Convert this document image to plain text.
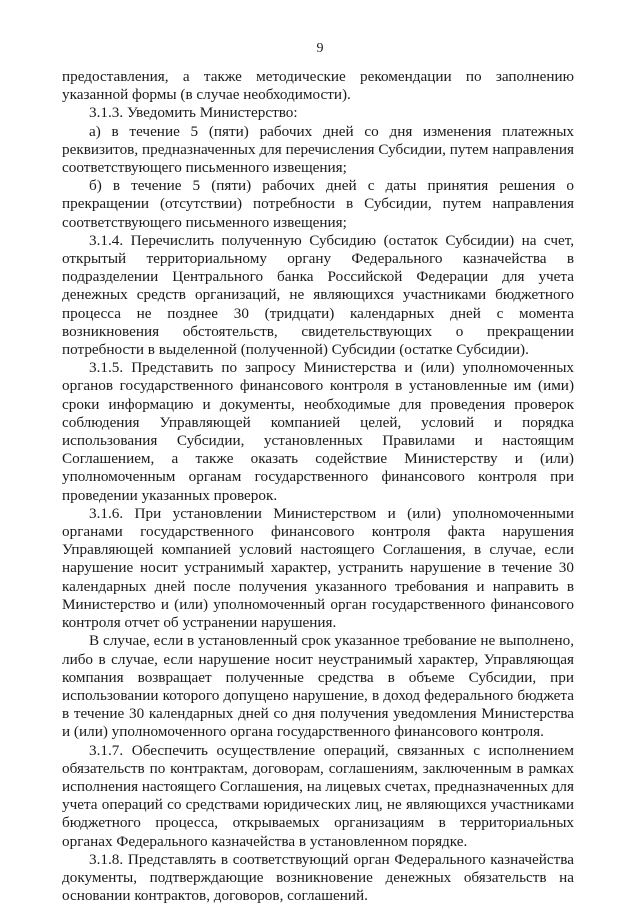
9

предоставления, а также методические рекомендации по заполнению указанной формы (в случае необходимости).

3.1.3. Уведомить Министерство:

а) в течение 5 (пяти) рабочих дней со дня изменения платежных реквизитов, предназначенных для перечисления Субсидии, путем направления соответствующего письменного извещения;

б) в течение 5 (пяти) рабочих дней с даты принятия решения о прекращении (отсутствии) потребности в Субсидии, путем направления соответствующего письменного извещения;

3.1.4. Перечислить полученную Субсидию (остаток Субсидии) на счет, открытый территориальному органу Федерального казначейства в подразделении Центрального банка Российской Федерации для учета денежных средств организаций, не являющихся участниками бюджетного процесса не позднее 30 (тридцати) календарных дней с момента возникновения обстоятельств, свидетельствующих о прекращении потребности в выделенной (полученной) Субсидии (остатке Субсидии).

3.1.5. Представить по запросу Министерства и (или) уполномоченных органов государственного финансового контроля в установленные им (ими) сроки информацию и документы, необходимые для проведения проверок соблюдения Управляющей компанией целей, условий и порядка использования Субсидии, установленных Правилами и настоящим Соглашением, а также оказать содействие Министерству и (или) уполномоченным органам государственного финансового контроля при проведении указанных проверок.

3.1.6. При установлении Министерством и (или) уполномоченными органами государственного финансового контроля факта нарушения Управляющей компанией условий настоящего Соглашения, в случае, если нарушение носит устранимый характер, устранить нарушение в течение 30 календарных дней после получения указанного требования и направить в Министерство и (или) уполномоченный орган государственного финансового контроля отчет об устранении нарушения.

В случае, если в установленный срок указанное требование не выполнено, либо в случае, если нарушение носит неустранимый характер, Управляющая компания возвращает полученные средства в объеме Субсидии, при использовании которого допущено нарушение, в доход федерального бюджета в течение 30 календарных дней со дня получения уведомления Министерства и (или) уполномоченного органа государственного финансового контроля.

3.1.7. Обеспечить осуществление операций, связанных с исполнением обязательств по контрактам, договорам, соглашениям, заключенным в рамках исполнения настоящего Соглашения, на лицевых счетах, предназначенных для учета операций со средствами юридических лиц, не являющихся участниками бюджетного процесса, открываемых организациям в территориальных органах Федерального казначейства в установленном порядке.

3.1.8. Представлять в соответствующий орган Федерального казначейства документы, подтверждающие возникновение денежных обязательств на основании контрактов, договоров, соглашений.
